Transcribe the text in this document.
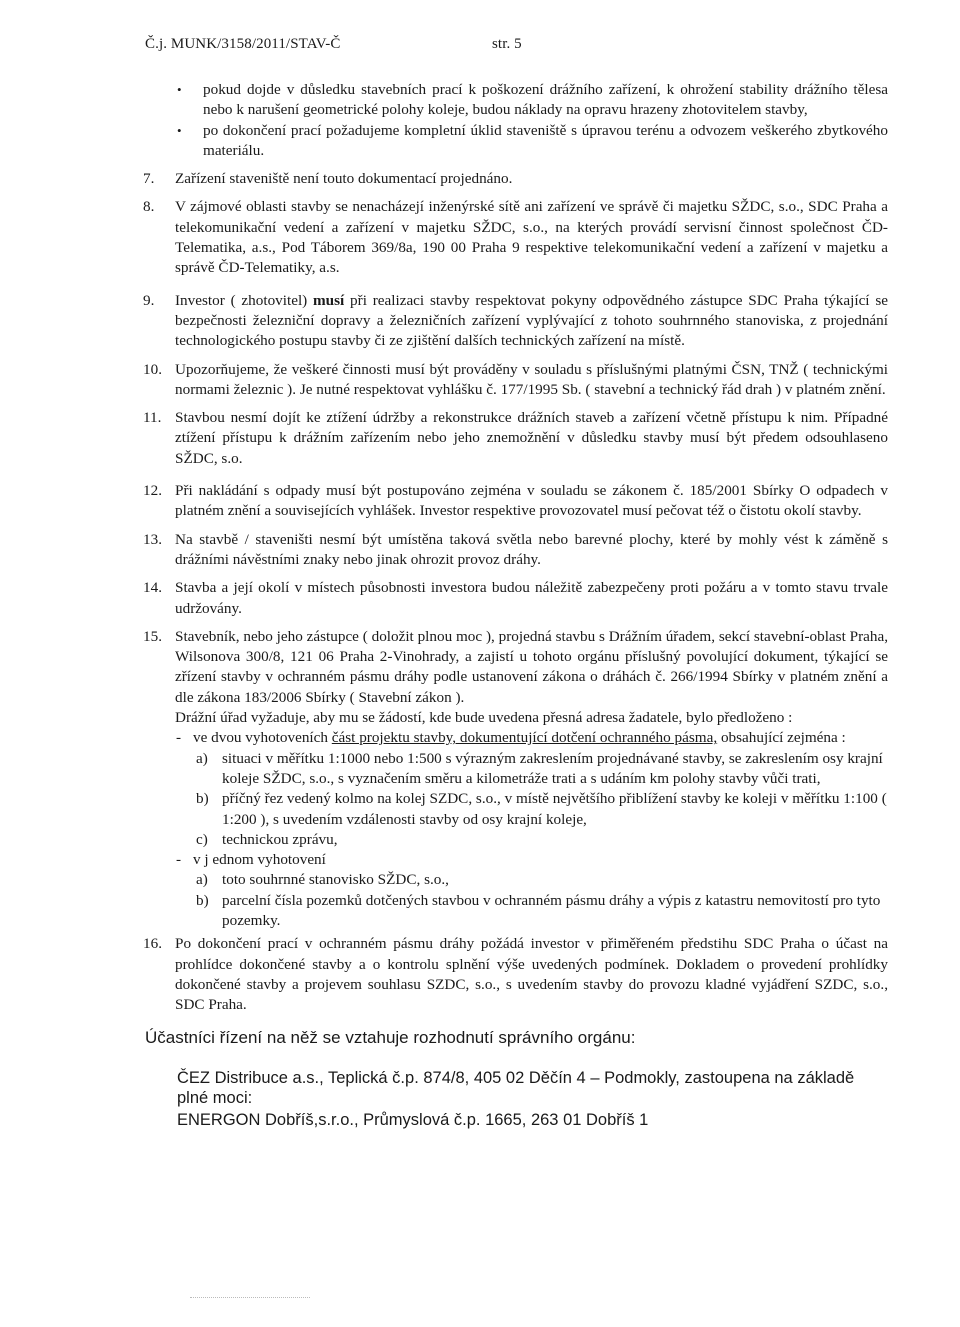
Č.j. MUNK/3158/2011/STAV-Č	str. 5
• pokud dojde v důsledku stavebních prací k poškození drážního zařízení, k ohrožení stability drážního tělesa nebo k narušení geometrické polohy koleje, budou náklady na opravu hrazeny zhotovitelem stavby,
• po dokončení prací požadujeme kompletní úklid staveniště s úpravou terénu a odvozem veškerého zbytkového materiálu.
7. Zařízení staveniště není touto dokumentací projednáno.
8. V zájmové oblasti stavby se nenacházejí inženýrské sítě ani zařízení ve správě či majetku SŽDC, s.o., SDC Praha a telekomunikační vedení a zařízení v majetku SŽDC, s.o., na kterých provádí servisní činnost společnost ČD-Telematika, a.s., Pod Táborem 369/8a, 190 00 Praha 9 respektive telekomunikační vedení a zařízení v majetku a správě ČD-Telematiky, a.s.
9. Investor ( zhotovitel) musí při realizaci stavby respektovat pokyny odpovědného zástupce SDC Praha týkající se bezpečnosti železniční dopravy a železničních zařízení vyplývající z tohoto souhrnného stanoviska, z projednání technologického postupu stavby či ze zjištění dalších technických zařízení na místě.
10. Upozorňujeme, že veškeré činnosti musí být prováděny v souladu s příslušnými platnými ČSN, TNŽ ( technickými normami železnic ). Je nutné respektovat vyhlášku č. 177/1995 Sb. ( stavební a technický řád drah ) v platném znění.
11. Stavbou nesmí dojít ke ztížení údržby a rekonstrukce drážních staveb a zařízení včetně přístupu k nim. Případné ztížení přístupu k drážním zařízením nebo jeho znemožnění v důsledku stavby musí být předem odsouhlaseno SŽDC, s.o.
12. Při nakládání s odpady musí být postupováno zejména v souladu se zákonem č. 185/2001 Sbírky O odpadech v platném znění a souvisejících vyhlášek. Investor respektive provozovatel musí pečovat též o čistotu okolí stavby.
13. Na stavbě / staveništi nesmí být umístěna taková světla nebo barevné plochy, které by mohly vést k záměně s drážními návěstními znaky nebo jinak ohrozit provoz dráhy.
14. Stavba a její okolí v místech působnosti investora budou náležitě zabezpečeny proti požáru a v tomto stavu trvale udržovány.
15. Stavebník, nebo jeho zástupce ( doložit plnou moc ), projedná stavbu s Drážním úřadem, sekcí stavební-oblast Praha, Wilsonova 300/8, 121 06 Praha 2-Vinohrady, a zajistí u tohoto orgánu příslušný povolující dokument, týkající se zřízení stavby v ochranném pásmu dráhy podle ustanovení zákona o dráhách č. 266/1994 Sbírky v platném znění a dle zákona 183/2006 Sbírky ( Stavební zákon ).
Drážní úřad vyžaduje, aby mu se žádostí, kde bude uvedena přesná adresa žadatele, bylo předloženo :
- ve dvou vyhotoveních část projektu stavby, dokumentující dotčení ochranného pásma, obsahující zejména :
a) situaci v měřítku 1:1000 nebo 1:500 s výrazným zakreslením projednávané stavby, se zakreslením osy krajní koleje SŽDC, s.o., s vyznačením směru a kilometráže trati a s udáním km polohy stavby vůči trati,
b) příčný řez vedený kolmo na kolej SZDC, s.o., v místě největšího přiblížení stavby ke koleji v měřítku 1:100 ( 1:200 ), s uvedením vzdálenosti stavby od osy krajní koleje,
c) technickou zprávu,
- v j ednom vyhotovení
a) toto souhrnné stanovisko SŽDC, s.o.,
b) parcelní čísla pozemků dotčených stavbou v ochranném pásmu dráhy a výpis z katastru nemovitostí pro tyto pozemky.
16. Po dokončení prací v ochranném pásmu dráhy požádá investor v přiměřeném předstihu SDC Praha o účast na prohlídce dokončené stavby a o kontrolu splnění výše uvedených podmínek. Dokladem o provedení prohlídky dokončené stavby a projevem souhlasu SZDC, s.o., s uvedením stavby do provozu kladné vyjádření SZDC, s.o., SDC Praha.
Účastníci řízení na něž se vztahuje rozhodnutí správního orgánu:
ČEZ Distribuce a.s., Teplická č.p. 874/8, 405 02 Děčín 4 – Podmokly, zastoupena na základě plné moci:
ENERGON Dobříš,s.r.o., Průmyslová č.p. 1665, 263 01 Dobříš 1
